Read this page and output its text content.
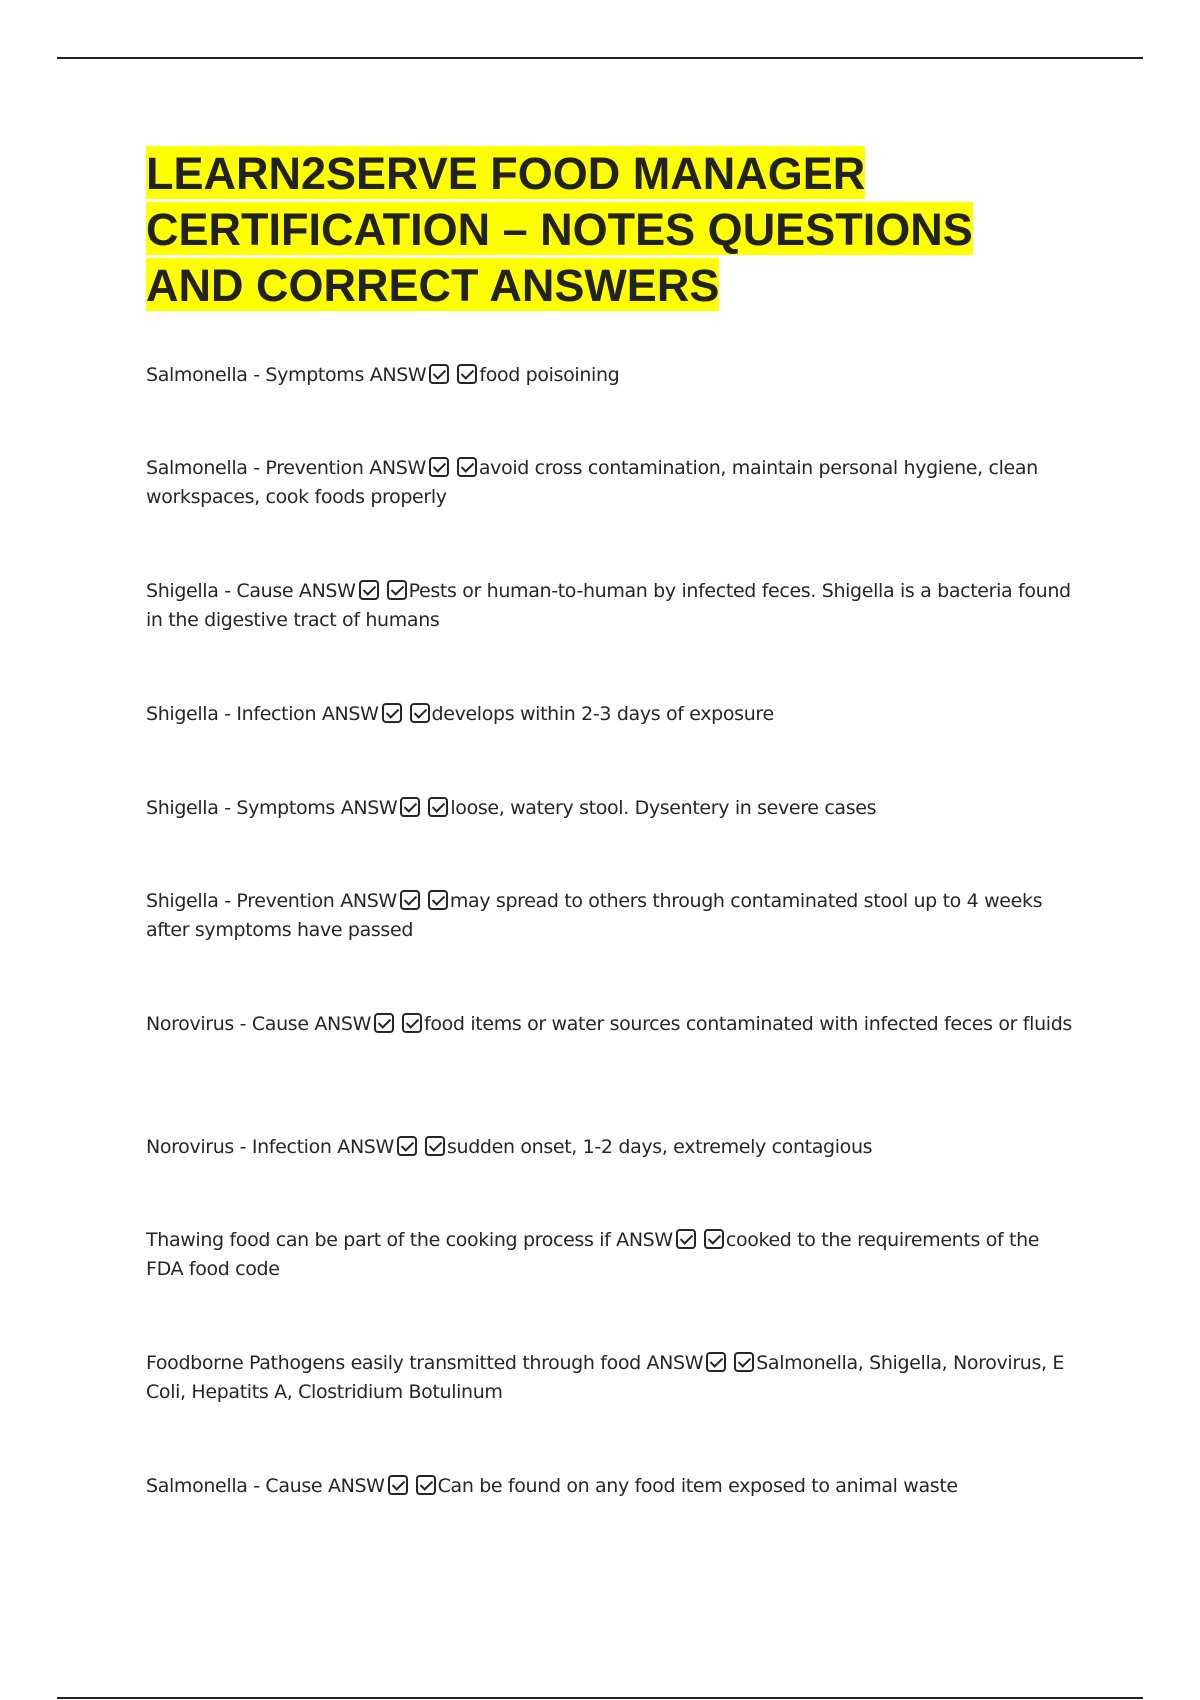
LEARN2SERVE FOOD MANAGER CERTIFICATION – NOTES QUESTIONS AND CORRECT ANSWERS
Salmonella - Symptoms ANSW	food poisoining
Salmonella - Prevention ANSW	avoid cross contamination, maintain personal hygiene, clean workspaces, cook foods properly
Shigella - Cause ANSW	Pests or human-to-human by infected feces. Shigella is a bacteria found in the digestive tract of humans
Shigella - Infection ANSW	develops within 2-3 days of exposure
Shigella - Symptoms ANSW	loose, watery stool. Dysentery in severe cases
Shigella - Prevention ANSW	may spread to others through contaminated stool up to 4 weeks after symptoms have passed
Norovirus - Cause ANSW	food items or water sources contaminated with infected feces or fluids
Norovirus - Infection ANSW	sudden onset, 1-2 days, extremely contagious
Thawing food can be part of the cooking process if ANSW	cooked to the requirements of the FDA food code
Foodborne Pathogens easily transmitted through food ANSW	Salmonella, Shigella, Norovirus, E Coli, Hepatits A, Clostridium Botulinum
Salmonella - Cause ANSW	Can be found on any food item exposed to animal waste
